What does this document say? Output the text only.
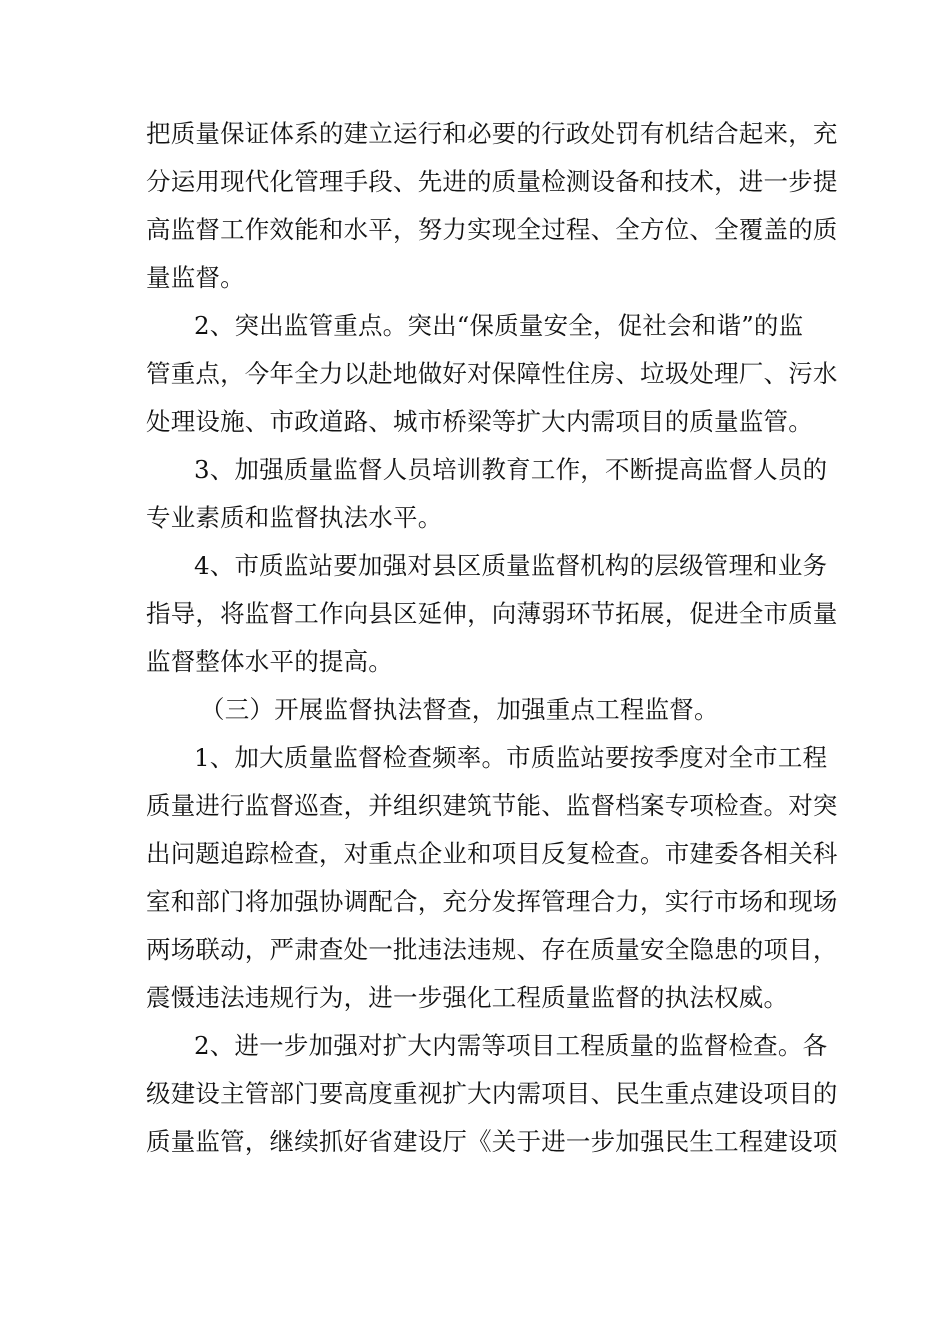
把质量保证体系的建立运行和必要的行政处罚有机结合起来，充
分运用现代化管理手段、先进的质量检测设备和技术，进一步提
高监督工作效能和水平，努力实现全过程、全方位、全覆盖的质
量监督。
2、突出监管重点。突出“保质量安全，促社会和谐”的监
管重点，今年全力以赴地做好对保障性住房、垃圾处理厂、污水
处理设施、市政道路、城市桥梁等扩大内需项目的质量监管。
3、加强质量监督人员培训教育工作，不断提高监督人员的
专业素质和监督执法水平。
4、市质监站要加强对县区质量监督机构的层级管理和业务
指导，将监督工作向县区延伸，向薄弱环节拓展，促进全市质量
监督整体水平的提高。
（三）开展监督执法督查，加强重点工程监督。
1、加大质量监督检查频率。市质监站要按季度对全市工程
质量进行监督巡查，并组织建筑节能、监督档案专项检查。对突
出问题追踪检查，对重点企业和项目反复检查。市建委各相关科
室和部门将加强协调配合，充分发挥管理合力，实行市场和现场
两场联动，严肃查处一批违法违规、存在质量安全隐患的项目，
震慑违法违规行为，进一步强化工程质量监督的执法权威。
2、进一步加强对扩大内需等项目工程质量的监督检查。各
级建设主管部门要高度重视扩大内需项目、民生重点建设项目的
质量监管，继续抓好省建设厅《关于进一步加强民生工程建设项
